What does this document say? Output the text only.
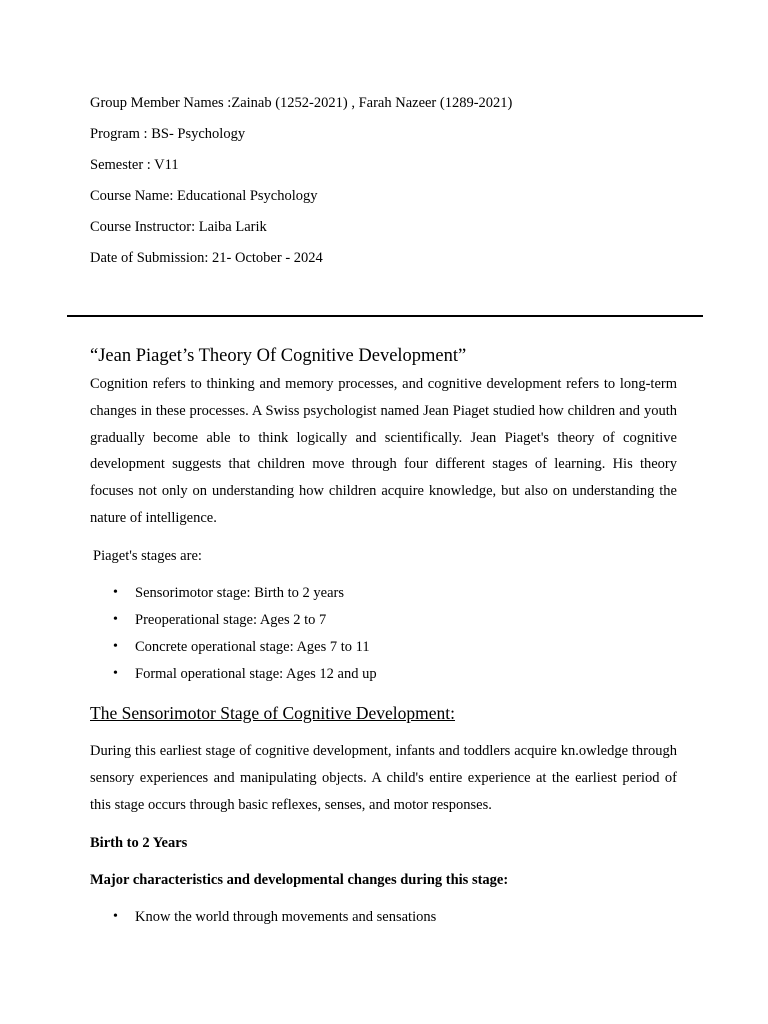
Group Member Names :Zainab (1252-2021) , Farah Nazeer (1289-2021)

Program : BS- Psychology

Semester : V11

Course Name: Educational Psychology

Course Instructor: Laiba Larik

Date of Submission: 21- October - 2024

“Jean Piaget’s Theory Of Cognitive Development”

Cognition refers to thinking and memory processes, and cognitive development refers to long-term changes in these processes. A Swiss psychologist named Jean Piaget studied how children and youth gradually become able to think logically and scientifically. Jean Piaget's theory of cognitive development suggests that children move through four different stages of learning. His theory focuses not only on understanding how children acquire knowledge, but also on understanding the nature of intelligence.

Piaget's stages are:

• Sensorimotor stage: Birth to 2 years
• Preoperational stage: Ages 2 to 7
• Concrete operational stage: Ages 7 to 11
• Formal operational stage: Ages 12 and up
The Sensorimotor Stage of Cognitive Development:

During this earliest stage of cognitive development, infants and toddlers acquire kn.owledge through sensory experiences and manipulating objects. A child's entire experience at the earliest period of this stage occurs through basic reflexes, senses, and motor responses.

Birth to 2 Years

Major characteristics and developmental changes during this stage:

• Know the world through movements and sensations
